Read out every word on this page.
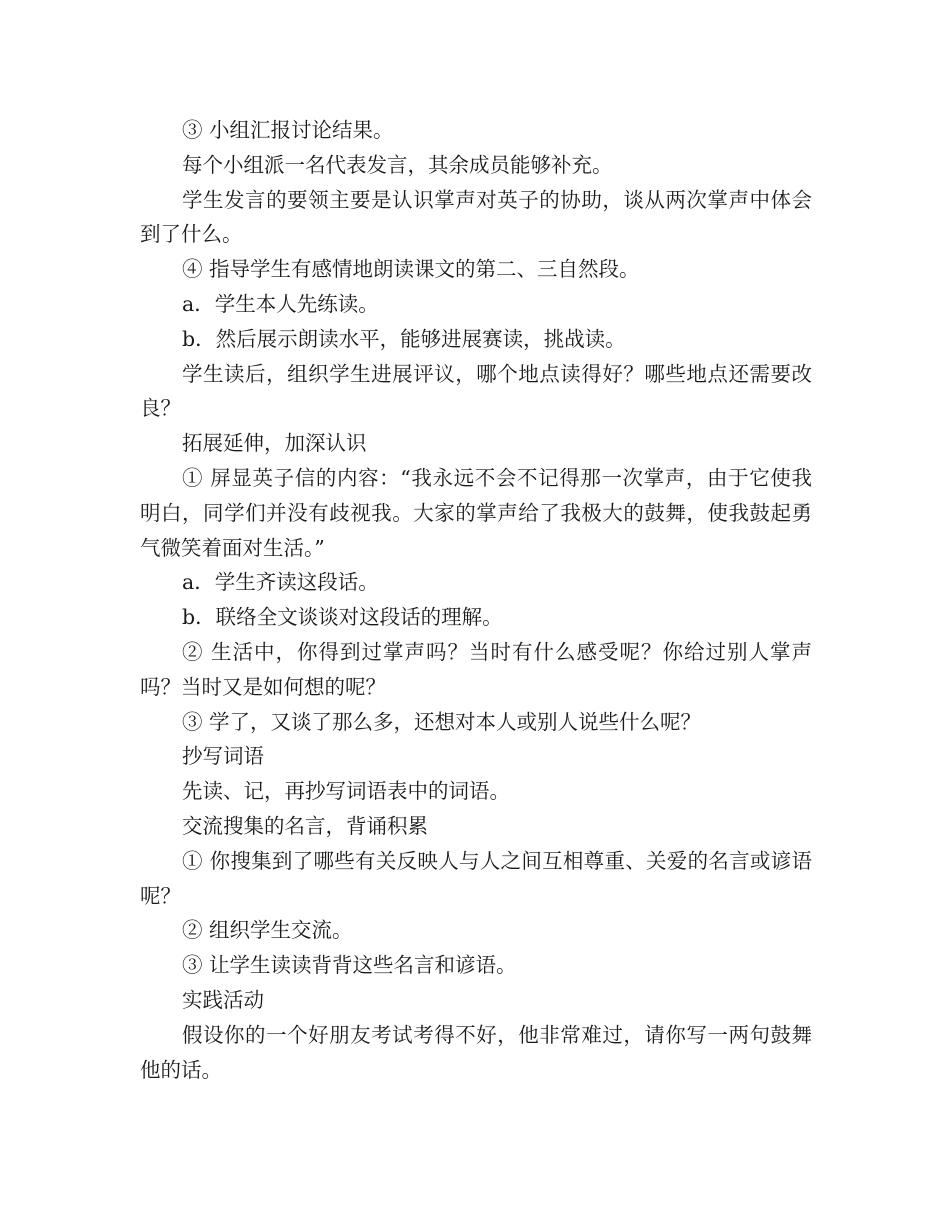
③ 小组汇报讨论结果。

每个小组派一名代表发言，其余成员能够补充。

学生发言的要领主要是认识掌声对英子的协助，谈从两次掌声中体会到了什么。

④ 指导学生有感情地朗读课文的第二、三自然段。

a．学生本人先练读。

b．然后展示朗读水平，能够进展赛读，挑战读。

学生读后，组织学生进展评议，哪个地点读得好？哪些地点还需要改良？

拓展延伸，加深认识

① 屏显英子信的内容：“我永远不会不记得那一次掌声，由于它使我明白，同学们并没有歧视我。大家的掌声给了我极大的鼓舞，使我鼓起勇气微笑着面对生活。”

a．学生齐读这段话。

b．联络全文谈谈对这段话的理解。

② 生活中，你得到过掌声吗？当时有什么感受呢？你给过别人掌声吗？当时又是如何想的呢？

③ 学了，又谈了那么多，还想对本人或别人说些什么呢？

抄写词语

先读、记，再抄写词语表中的词语。

交流搜集的名言，背诵积累

① 你搜集到了哪些有关反映人与人之间互相尊重、关爱的名言或谚语呢？

② 组织学生交流。

③ 让学生读读背背这些名言和谚语。

实践活动

假设你的一个好朋友考试考得不好，他非常难过，请你写一两句鼓舞他的话。
